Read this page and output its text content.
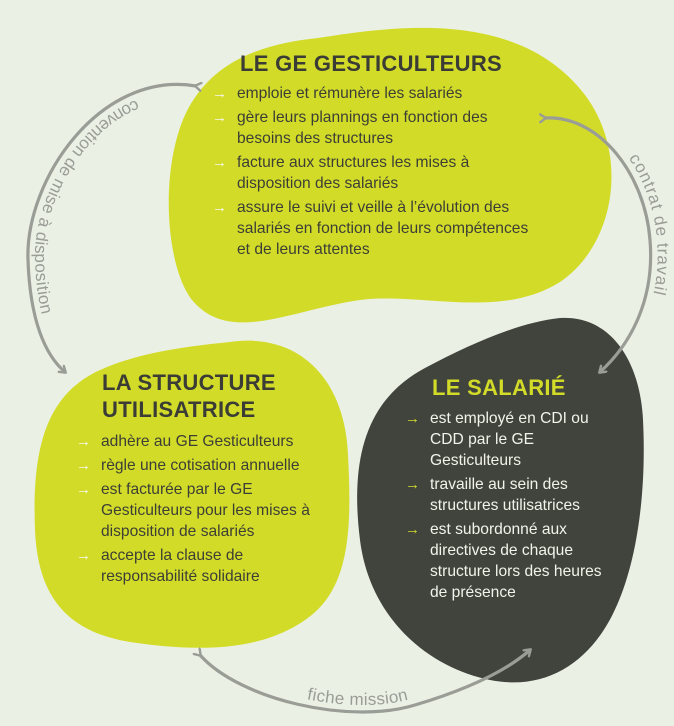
convention de mise à disposition
contrat de travail
fiche mission
LE GE GESTICULTEURS
→ emploie et rémunère les salariés
→ gère leurs plannings en fonction des besoins des structures
→ facture aux structures les mises à disposition des salariés
→ assure le suivi et veille à l’évolution des salariés en fonction de leurs compétences et de leurs attentes
LA STRUCTURE
UTILISATRICE
→ adhère au GE Gesticulteurs
→ règle une cotisation annuelle
→ est facturée par le GE Gesticulteurs pour les mises à disposition de salariés
→ accepte la clause de responsabilité solidaire
LE SALARIÉ
→ est employé en CDI ou CDD par le GE Gesticulteurs
→ travaille au sein des structures utilisatrices
→ est subordonné aux directives de chaque structure lors des heures de présence
